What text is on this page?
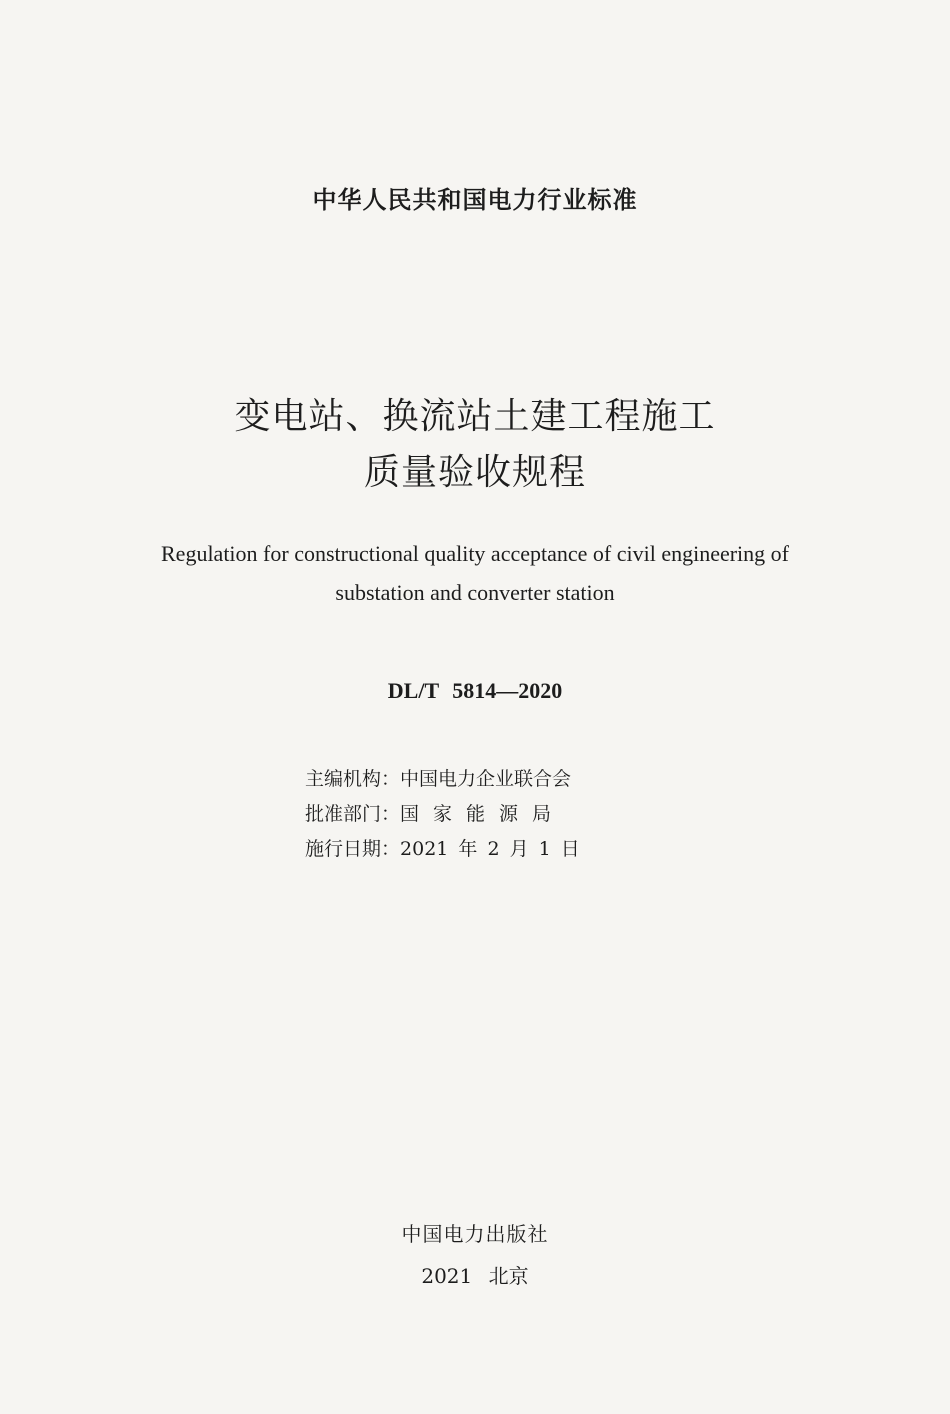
中华人民共和国电力行业标准
变电站、换流站土建工程施工
质量验收规程
Regulation for constructional quality acceptance of civil engineering of
substation and converter station
DL/T 5814—2020
主编机构：中国电力企业联合会
批准部门：国家能源局
施行日期：2021 年 2 月 1 日
中国电力出版社
2021 北京
